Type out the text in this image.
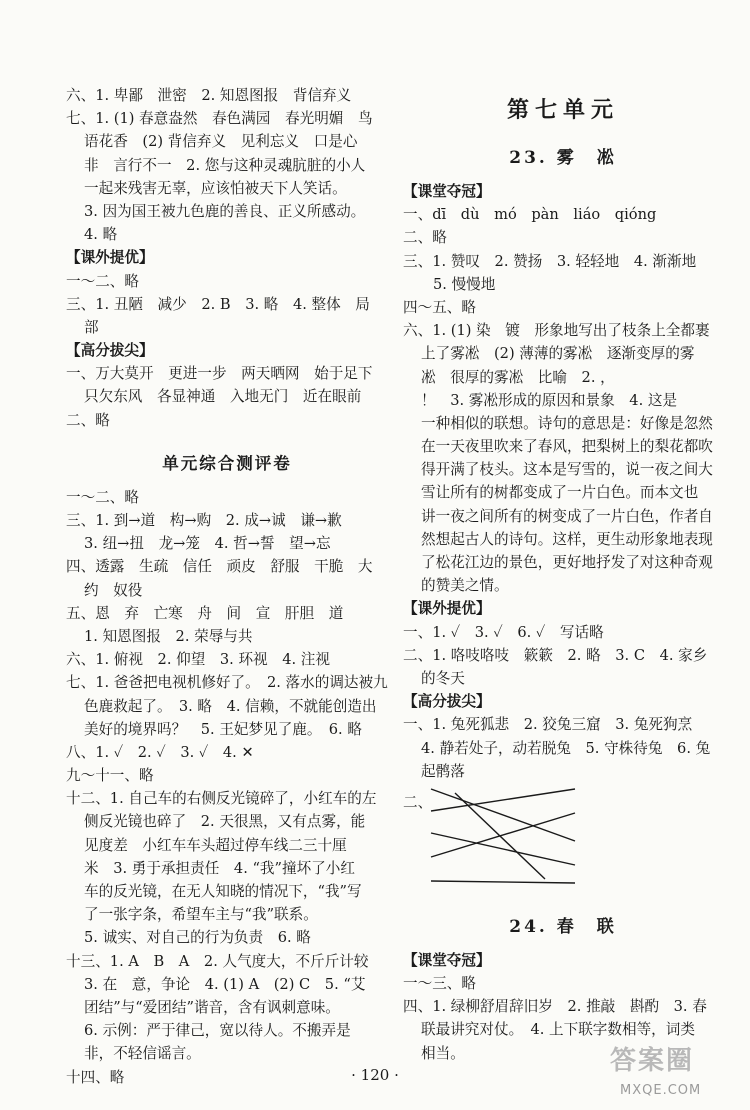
六、1. 卑鄙　泄密　2. 知恩图报　背信弃义
七、1. (1) 春意盎然　春色满园　春光明媚　鸟
语花香　(2) 背信弃义　见利忘义　口是心
非　言行不一　2. 您与这种灵魂肮脏的小人
一起来残害无辜，应该怕被天下人笑话。
3. 因为国王被九色鹿的善良、正义所感动。
4. 略
【课外提优】
一～二、略
三、1. 丑陋　减少　2. B　3. 略　4. 整体　局
部
【高分拔尖】
一、万大莫开　更进一步　两天晒网　始于足下
只欠东风　各显神通　入地无门　近在眼前
二、略
单元综合测评卷
一～二、略
三、1. 到→道　构→购　2. 成→诚　谦→歉
3. 纽→扭　龙→笼　4. 哲→誓　望→忘
四、透露　生疏　信任　顽皮　舒服　干脆　大
约　奴役
五、恩　弃　亡寒　舟　间　宣　肝胆　道
1. 知恩图报　2. 荣辱与共
六、1. 俯视　2. 仰望　3. 环视　4. 注视
七、1. 爸爸把电视机修好了。　2. 落水的调达被九
色鹿救起了。　3. 略　4. 信赖，不就能创造出
美好的境界吗？　5. 王妃梦见了鹿。　6. 略
八、1. ✓　2. ✓　3. ✓　4. ✕
九～十一、略
十二、1. 自己车的右侧反光镜碎了，小红车的左
侧反光镜也碎了　2. 天很黑，又有点雾，能
见度差　小红车车头超过停车线二三十厘
米　3. 勇于承担责任　4. “我”撞坏了小红
车的反光镜，在无人知晓的情况下，“我”写
了一张字条，希望车主与“我”联系。
5. 诚实、对自己的行为负责　6. 略
十三、1. A　B　A　2. 人气度大，不斤斤计较
3. 在　意，争论　4. (1) A　(2) C　5. “艾
团结”与“爱团结”谐音，含有讽刺意味。
6. 示例：严于律己，宽以待人。不搬弄是
非，不轻信谣言。
十四、略
第七单元
23. 雾　凇
【课堂夺冠】
一、dī　dù　mó　pàn　liáo　qióng
二、略
三、1. 赞叹　2. 赞扬　3. 轻轻地　4. 渐渐地
5. 慢慢地
四～五、略
六、1. (1) 染　镀　形象地写出了枝条上全都裹
上了雾凇　(2) 薄薄的雾凇　逐渐变厚的雾
凇　很厚的雾凇　比喻　2. ，
！　3. 雾凇形成的原因和景象　4. 这是
一种相似的联想。诗句的意思是：好像是忽然
在一天夜里吹来了春风，把梨树上的梨花都吹
得开满了枝头。这本是写雪的，说一夜之间大
雪让所有的树都变成了一片白色。而本文也
讲一夜之间所有的树变成了一片白色，作者自
然想起古人的诗句。这样，更生动形象地表现
了松花江边的景色，更好地抒发了对这种奇观
的赞美之情。
【课外提优】
一、1. ✓　3. ✓　6. ✓　写话略
二、1. 咯吱咯吱　簌簌　2. 略　3. C　4. 家乡
的冬天
【高分拔尖】
一、1. 兔死狐悲　2. 狡兔三窟　3. 兔死狗烹
4. 静若处子，动若脱兔　5. 守株待兔　6. 兔
起鹘落
二、
24. 春　联
【课堂夺冠】
一～三、略
四、1. 绿柳舒眉辞旧岁　2. 推敲　斟酌　3. 春
联最讲究对仗。　4. 上下联字数相等，词类
相当。
· 120 ·	答案圈
MXQE.COM
